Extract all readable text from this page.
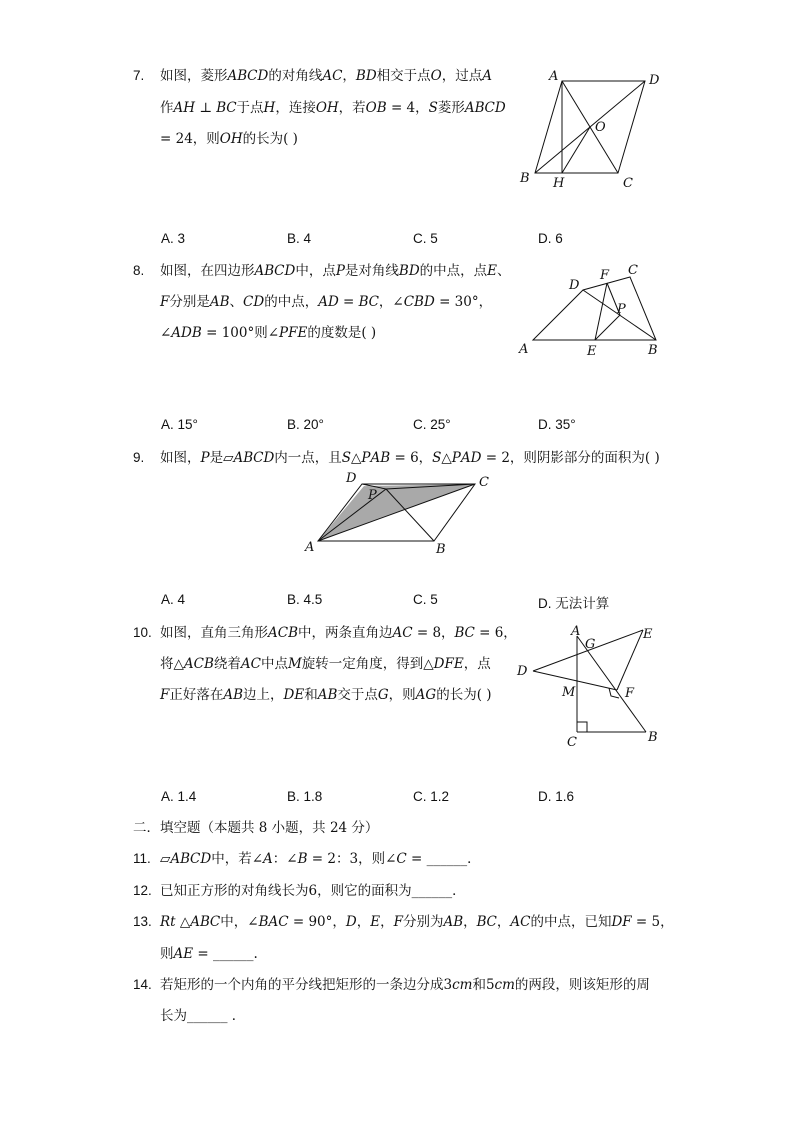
7. 如图，菱形𝐴𝐵𝐶𝐷的对角线𝐴𝐶，𝐵𝐷相交于点𝑂，过点𝐴
作𝐴𝐻 ⊥ 𝐵𝐶于点𝐻，连接𝑂𝐻，若𝑂𝐵 = 4，𝑆菱形𝐴𝐵𝐶𝐷
= 24，则𝑂𝐻的长为( )
A	D
O
B H	C
A. 3	B. 4	C. 5	D. 6
8. 如图，在四边形𝐴𝐵𝐶𝐷中，点𝑃是对角线𝐵𝐷的中点，点𝐸、
𝐹分别是𝐴𝐵、𝐶𝐷的中点，𝐴𝐷 = 𝐵𝐶，∠𝐶𝐵𝐷 = 30°，
∠𝐴𝐷𝐵 = 100°则∠𝑃𝐹𝐸的度数是( )
D
F C
P
A	E	B
A. 15°	B. 20°	C. 25°	D. 35°
9. 如图，𝑃是▱𝐴𝐵𝐶𝐷内一点，且𝑆△𝑃𝐴𝐵 = 6，𝑆△𝑃𝐴𝐷 = 2，则阴影部分的面积为( )
D
P
C
A	B
A. 4	B. 4.5	C. 5	D. 无法计算
10. 如图，直角三角形𝐴𝐶𝐵中，两条直角边𝐴𝐶 = 8，𝐵𝐶 = 6，
将△𝐴𝐶𝐵绕着𝐴𝐶中点𝑀旋转一定角度，得到△𝐷𝐹𝐸，点
𝐹正好落在𝐴𝐵边上，𝐷𝐸和𝐴𝐵交于点𝐺，则𝐴𝐺的长为( )
A
G
E
D
M	F
C	B
A. 1.4	B. 1.8	C. 1.2	D. 1.6
二．填空题（本题共 8 小题，共 24 分）
11. ▱𝐴𝐵𝐶𝐷中，若∠𝐴：∠𝐵 = 2：3，则∠𝐶 = ______．
12. 已知正方形的对角线长为6，则它的面积为______．
13. 𝑅𝑡 △𝐴𝐵𝐶中，∠𝐵𝐴𝐶 = 90°，𝐷，𝐸，𝐹分别为𝐴𝐵，𝐵𝐶，𝐴𝐶的中点，已知𝐷𝐹 = 5，
则𝐴𝐸 = ______.
14. 若矩形的一个内角的平分线把矩形的一条边分成3𝑐𝑚和5𝑐𝑚的两段，则该矩形的周
长为______ ．
